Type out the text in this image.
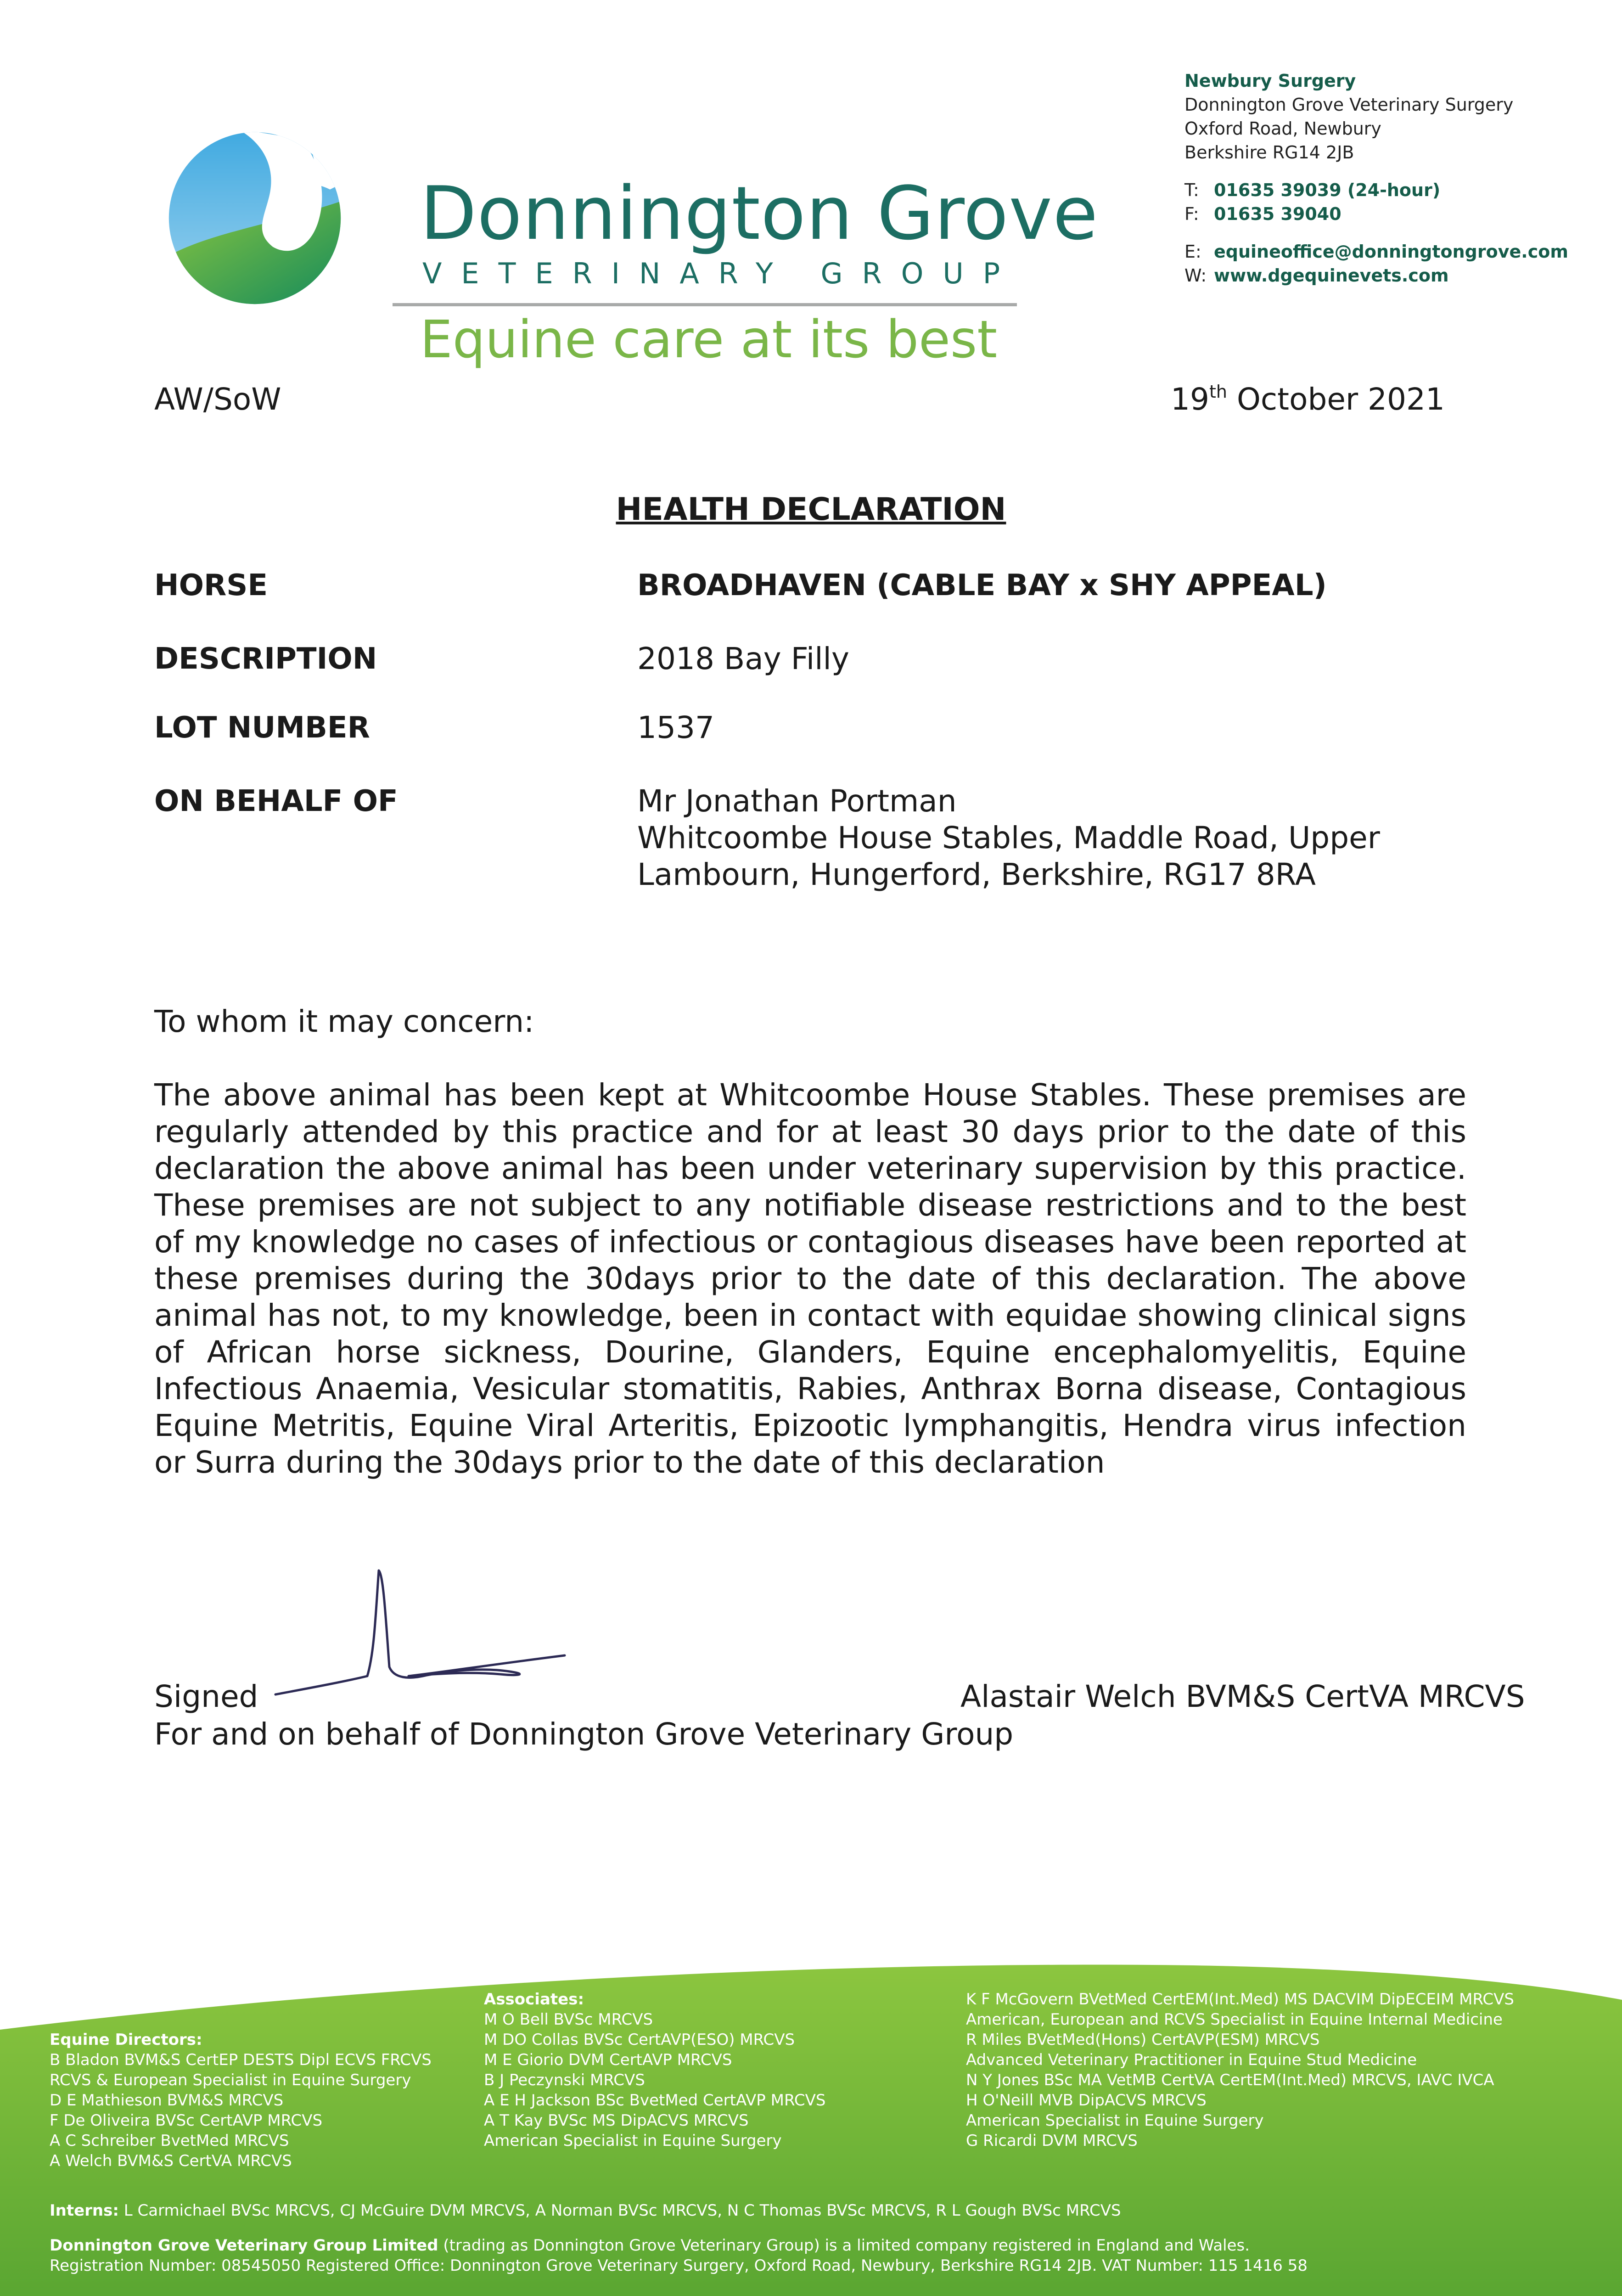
Donnington Grove
VETERINARY GROUP
Equine care at its best
Newbury Surgery
Donnington Grove Veterinary Surgery
Oxford Road, Newbury
Berkshire RG14 2JB
T: 01635 39039 (24-hour)
F: 01635 39040
E: equineoffice@donningtongrove.com
W: www.dgequinevets.com
AW/SoW	19th October 2021
HEALTH DECLARATION
HORSE	BROADHAVEN (CABLE BAY x SHY APPEAL)
DESCRIPTION	2018 Bay Filly
LOT NUMBER	1537
ON BEHALF OF	Mr Jonathan Portman
Whitcoombe House Stables, Maddle Road, Upper
Lambourn, Hungerford, Berkshire, RG17 8RA
To whom it may concern:
The above animal has been kept at Whitcoombe House Stables. These premises are regularly attended by this practice and for at least 30 days prior to the date of this declaration the above animal has been under veterinary supervision by this practice. These premises are not subject to any notifiable disease restrictions and to the best of my knowledge no cases of infectious or contagious diseases have been reported at these premises during the 30days prior to the date of this declaration. The above animal has not, to my knowledge, been in contact with equidae showing clinical signs of African horse sickness, Dourine, Glanders, Equine encephalomyelitis, Equine Infectious Anaemia, Vesicular stomatitis, Rabies, Anthrax Borna disease, Contagious Equine Metritis, Equine Viral Arteritis, Epizootic lymphangitis, Hendra virus infection or Surra during the 30days prior to the date of this declaration
Signed	Alastair Welch BVM&S CertVA MRCVS
For and on behalf of Donnington Grove Veterinary Group
Equine Directors:
B Bladon BVM&S CertEP DESTS Dipl ECVS FRCVS
RCVS & European Specialist in Equine Surgery
D E Mathieson BVM&S MRCVS
F De Oliveira BVSc CertAVP MRCVS
A C Schreiber BvetMed MRCVS
A Welch BVM&S CertVA MRCVS
Associates:
M O Bell BVSc MRCVS
M DO Collas BVSc CertAVP(ESO) MRCVS
M E Giorio DVM CertAVP MRCVS
B J Peczynski MRCVS
A E H Jackson BSc BvetMed CertAVP MRCVS
A T Kay BVSc MS DipACVS MRCVS
American Specialist in Equine Surgery
K F McGovern BVetMed CertEM(Int.Med) MS DACVIM DipECEIM MRCVS
American, European and RCVS Specialist in Equine Internal Medicine
R Miles BVetMed(Hons) CertAVP(ESM) MRCVS
Advanced Veterinary Practitioner in Equine Stud Medicine
N Y Jones BSc MA VetMB CertVA CertEM(Int.Med) MRCVS, IAVC IVCA
H O'Neill MVB DipACVS MRCVS
American Specialist in Equine Surgery
G Ricardi DVM MRCVS
Interns: L Carmichael BVSc MRCVS, CJ McGuire DVM MRCVS, A Norman BVSc MRCVS, N C Thomas BVSc MRCVS, R L Gough BVSc MRCVS
Donnington Grove Veterinary Group Limited (trading as Donnington Grove Veterinary Group) is a limited company registered in England and Wales.
Registration Number: 08545050 Registered Office: Donnington Grove Veterinary Surgery, Oxford Road, Newbury, Berkshire RG14 2JB. VAT Number: 115 1416 58
